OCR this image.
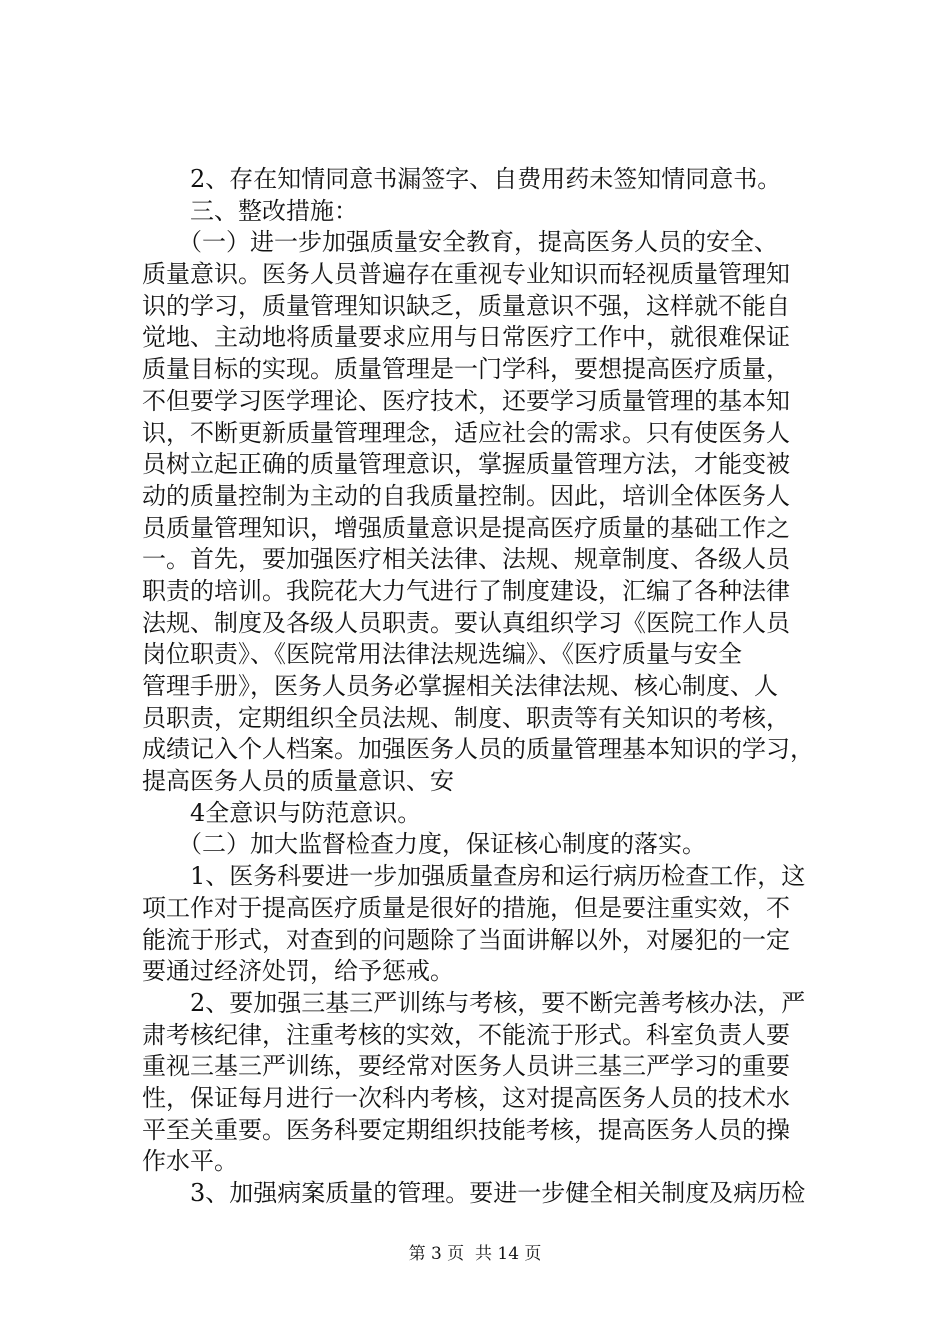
　　2、存在知情同意书漏签字、自费用药未签知情同意书。
　　三、整改措施：
　　（一）进一步加强质量安全教育，提高医务人员的安全、
质量意识。医务人员普遍存在重视专业知识而轻视质量管理知
识的学习，质量管理知识缺乏，质量意识不强，这样就不能自
觉地、主动地将质量要求应用与日常医疗工作中，就很难保证
质量目标的实现。质量管理是一门学科，要想提高医疗质量，
不但要学习医学理论、医疗技术，还要学习质量管理的基本知
识，不断更新质量管理理念，适应社会的需求。只有使医务人
员树立起正确的质量管理意识，掌握质量管理方法，才能变被
动的质量控制为主动的自我质量控制。因此，培训全体医务人
员质量管理知识，增强质量意识是提高医疗质量的基础工作之
一。首先，要加强医疗相关法律、法规、规章制度、各级人员
职责的培训。我院花大力气进行了制度建设，汇编了各种法律
法规、制度及各级人员职责。要认真组织学习《医院工作人员
岗位职责》、《医院常用法律法规选编》、《医疗质量与安全
管理手册》，医务人员务必掌握相关法律法规、核心制度、人
员职责，定期组织全员法规、制度、职责等有关知识的考核，
成绩记入个人档案。加强医务人员的质量管理基本知识的学习，
提高医务人员的质量意识、安
　　4全意识与防范意识。
　　（二）加大监督检查力度，保证核心制度的落实。
　　1、医务科要进一步加强质量查房和运行病历检查工作，这
项工作对于提高医疗质量是很好的措施，但是要注重实效，不
能流于形式，对查到的问题除了当面讲解以外，对屡犯的一定
要通过经济处罚，给予惩戒。
　　2、要加强三基三严训练与考核，要不断完善考核办法，严
肃考核纪律，注重考核的实效，不能流于形式。科室负责人要
重视三基三严训练，要经常对医务人员讲三基三严学习的重要
性，保证每月进行一次科内考核，这对提高医务人员的技术水
平至关重要。医务科要定期组织技能考核，提高医务人员的操
作水平。
　　3、加强病案质量的管理。要进一步健全相关制度及病历检
第 3 页  共 14 页
